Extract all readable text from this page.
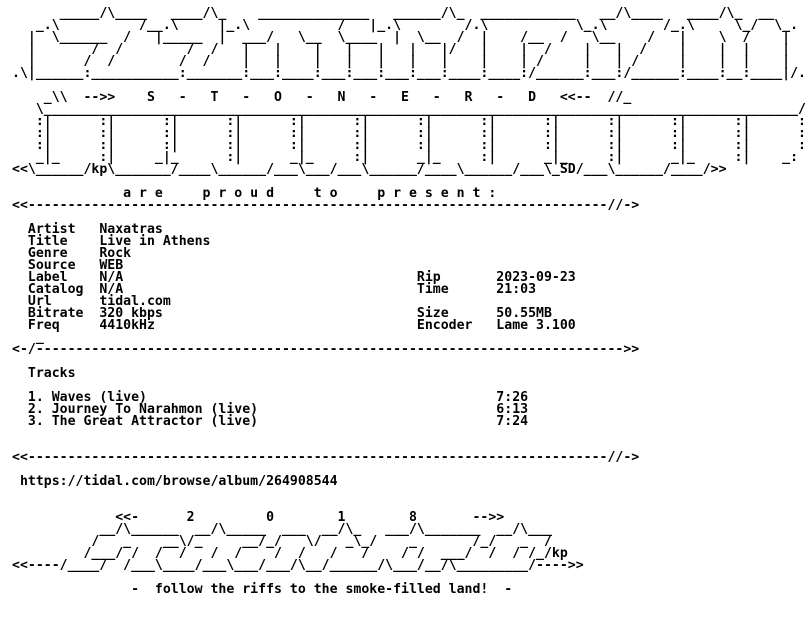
_____/\____   ____/\_    ______________   ______/\_  ____________   __/\____   ____/\_  __
_.\          /__.\     |_.\           /   |_.\        /.\           \_.\       /_.\     \_/  \_.
|  \______  /   |_____  |  ___/   \__  \____  |  \__  /  |    /__  /   \__    /   |    \  /    |
|       /  /        /  /   |   |    |   |   |   |   |/   |    |  /    |   |  /    |    |  |    |
|      /  /        /  /    |   |    |   |   |   |   |    |    | /     |   | /     |    |  |    |
.\|______:___________:_______:___:____:___:___:___:___:____:____:/______:___:/______:____:__:____|/.

_\\  -->>    S   -   T   -   O   -   N   -   E   -   R   -   D   <<--  //_
\_______________________________________________________________________________________________/
:|      :|      :|      :|      :|      :|      :|      :|      :|      :|      :|      :|      :
:|      :|      :|      :|      :|      :|      :|      :|      :|      :|      :|      :|      :
:|      :|      :|      :|      :|      :|      :|      :|      :|      :|      :|      :|      :
_|_     :|     _|_      :|      _|_     :|      _|_     :|      _|_     :|      _|_     :|    _:
<<\______/kp\_______/____\______/___\___/___\______/____\______/___\_SD/___\______/____/>>

a r e     p r o u d     t o     p r e s e n t :
<<-------------------------------------------------------------------------//->

Artist   Naxatras
Title    Live in Athens
Genre    Rock
Source   WEB
Label    N/A                                     Rip       2023-09-23
Catalog  N/A                                     Time      21:03
Url      tidal.com
Bitrate  320 kbps                                Size      50.55MB
Freq     4410kHz                                 Encoder   Lame 3.100
_
<-/-------------------------------------------------------------------------->>

Tracks

1. Waves (live)                                            7:26
2. Journey To Narahmon (live)                              6:13
3. The Great Attractor (live)                              7:24

<<-------------------------------------------------------------------------//->

https://tidal.com/browse/album/264908544

<<-      2         0        1        8       -->>
__/\______  __/\_____  ___  __/\_   ___/\_______  __/\___
/   _    __\/_     __/_/   \/   _\_/    _       /_/   _  /
/___/ /  /  /   /  /    /  /   /   /    / /  ___/  /  / /_/kp
<<----/____/  /___\____/___\___/___/\__/______/\___/__/\_________/---->>

-  follow the riffs to the smoke-filled land!  -
